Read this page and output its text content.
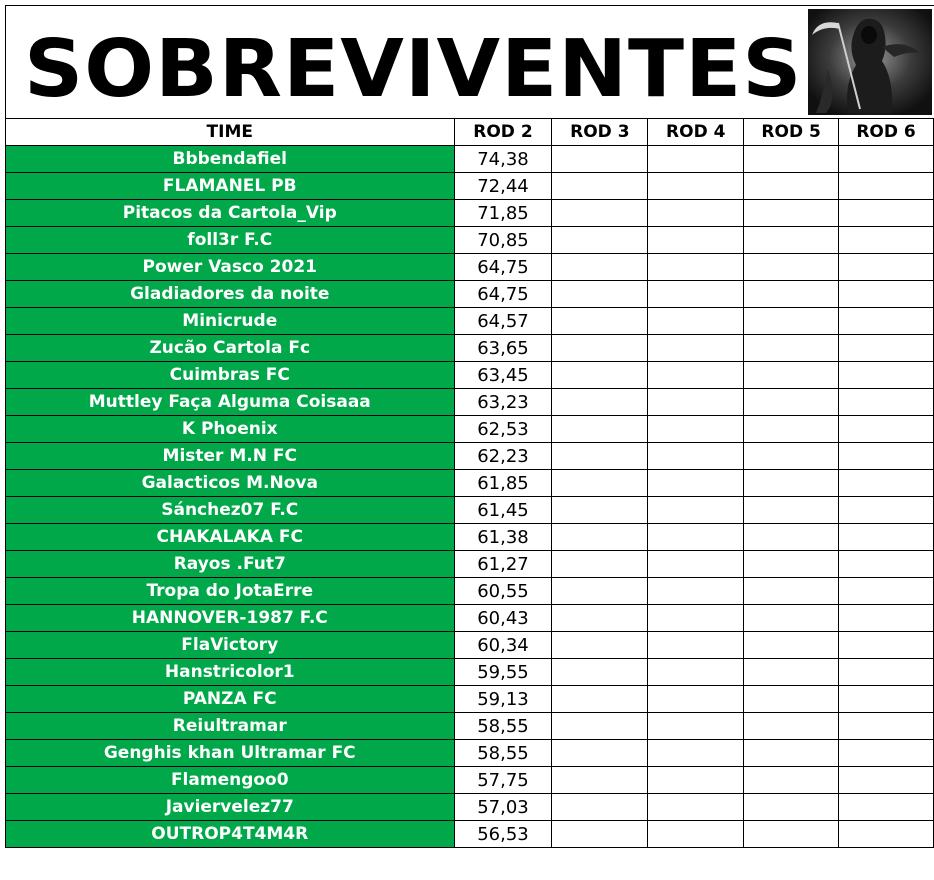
SOBREVIVENTES
TIME	ROD 2	ROD 3	ROD 4	ROD 5	ROD 6
Bbbendafiel	74,38				
FLAMANEL PB	72,44				
Pitacos da Cartola_Vip	71,85				
foll3r F.C	70,85				
Power Vasco 2021	64,75				
Gladiadores da noite	64,75				
Minicrude	64,57				
Zucão Cartola Fc	63,65				
Cuimbras FC	63,45				
Muttley Faça Alguma Coisaaa	63,23				
K Phoenix	62,53				
Mister M.N FC	62,23				
Galacticos M.Nova	61,85				
Sánchez07 F.C	61,45				
CHAKALAKA FC	61,38				
Rayos .Fut7	61,27				
Tropa do JotaErre	60,55				
HANNOVER-1987 F.C	60,43				
FlaVictory	60,34				
Hanstricolor1	59,55				
PANZA FC	59,13				
Reiultramar	58,55				
Genghis khan Ultramar FC	58,55				
Flamengoo0	57,75				
Javiervelez77	57,03				
OUTROP4T4M4R	56,53				
